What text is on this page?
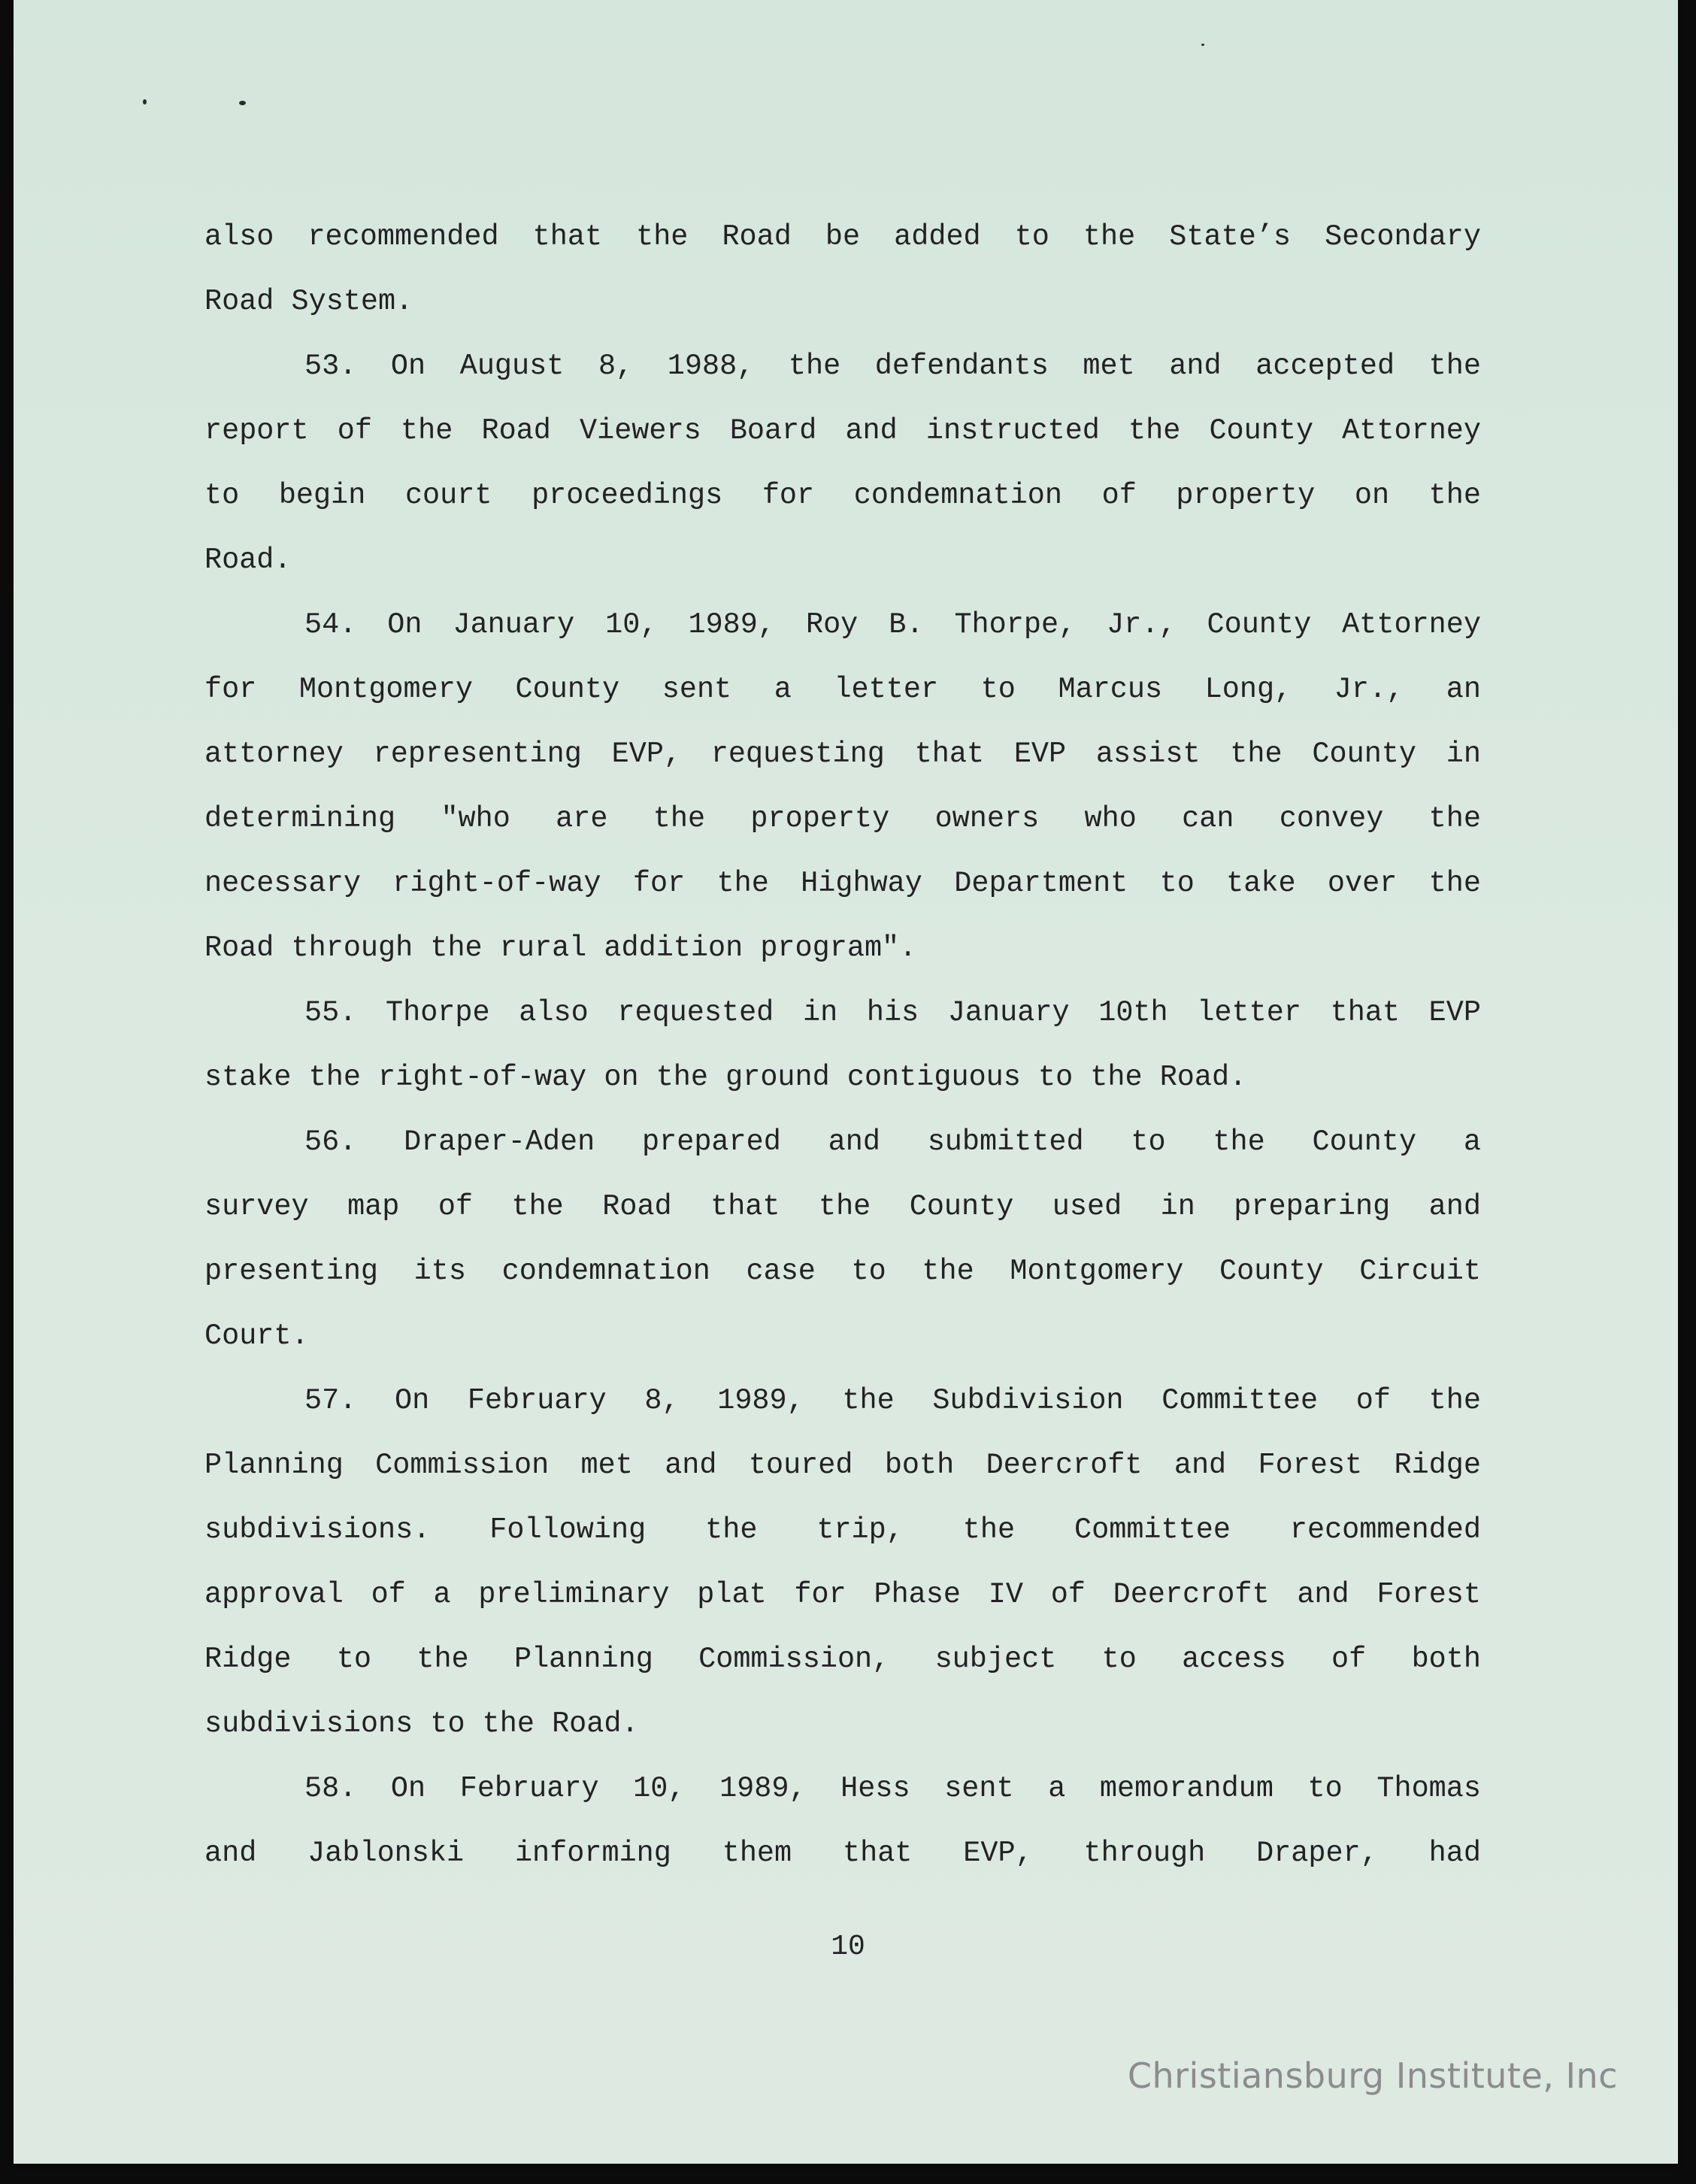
also recommended that the Road be added to the State’s Secondary
Road System.
53. On August 8, 1988, the defendants met and accepted the
report of the Road Viewers Board and instructed the County Attorney
to begin court proceedings for condemnation of property on the
Road.
54. On January 10, 1989, Roy B. Thorpe, Jr., County Attorney
for Montgomery County sent a letter to Marcus Long, Jr., an
attorney representing EVP, requesting that EVP assist the County in
determining "who are the property owners who can convey the
necessary right-of-way for the Highway Department to take over the
Road through the rural addition program".
55. Thorpe also requested in his January 10th letter that EVP
stake the right-of-way on the ground contiguous to the Road.
56. Draper-Aden prepared and submitted to the County a
survey map of the Road that the County used in preparing and
presenting its condemnation case to the Montgomery County Circuit
Court.
57. On February 8, 1989, the Subdivision Committee of the
Planning Commission met and toured both Deercroft and Forest Ridge
subdivisions. Following the trip, the Committee recommended
approval of a preliminary plat for Phase IV of Deercroft and Forest
Ridge to the Planning Commission, subject to access of both
subdivisions to the Road.
58. On February 10, 1989, Hess sent a memorandum to Thomas
and Jablonski informing them that EVP, through Draper, had
10
Christiansburg Institute, Inc
